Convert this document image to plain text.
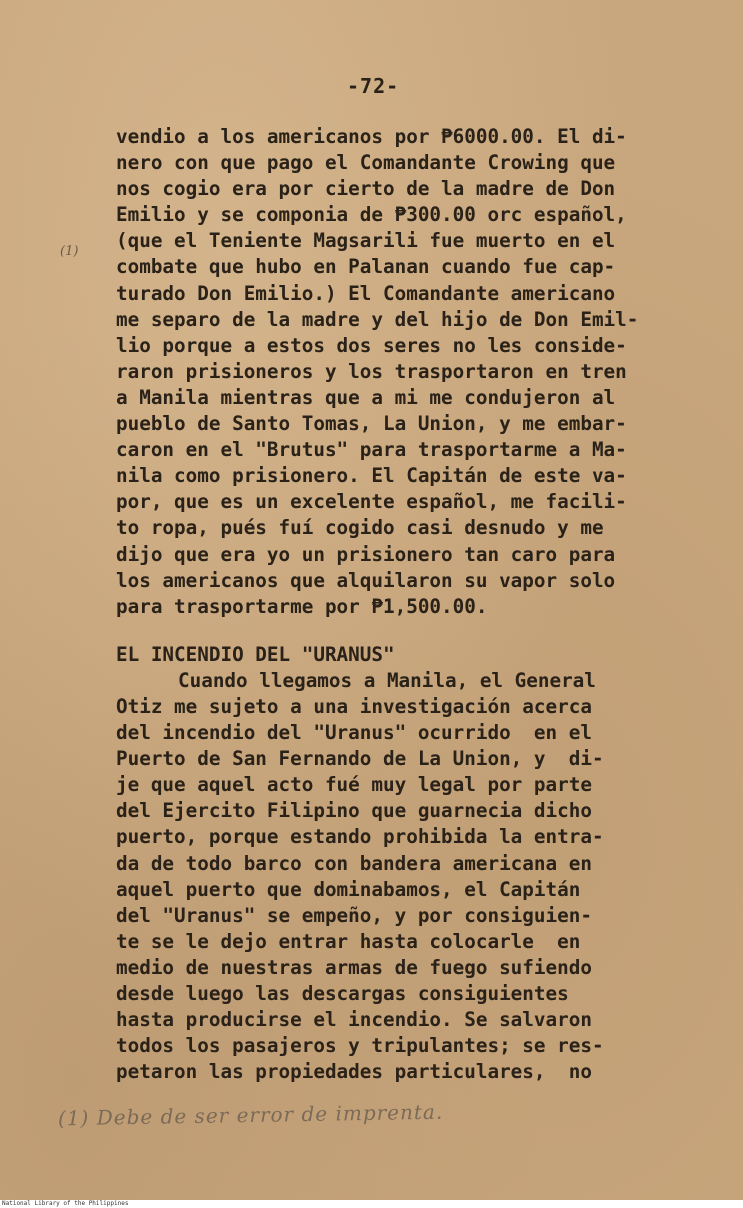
-72-
(1)
vendio a los americanos por ₱6000.00. El di-
nero con que pago el Comandante Crowing que
nos cogio era por cierto de la madre de Don
Emilio y se componia de ₱300.00 orc español,
(que el Teniente Magsarili fue muerto en el
combate que hubo en Palanan cuando fue cap-
turado Don Emilio.) El Comandante americano
me separo de la madre y del hijo de Don Emil-
lio porque a estos dos seres no les conside-
raron prisioneros y los trasportaron en tren
a Manila mientras que a mi me condujeron al
pueblo de Santo Tomas, La Union, y me embar-
caron en el "Brutus" para trasportarme a Ma-
nila como prisionero. El Capitán de este va-
por, que es un excelente español, me facili-
to ropa, pués fuí cogido casi desnudo y me
dijo que era yo un prisionero tan caro para
los americanos que alquilaron su vapor solo
para trasportarme por ₱1,500.00.
EL INCENDIO DEL "URANUS"
Cuando llegamos a Manila, el General
Otiz me sujeto a una investigación acerca
del incendio del "Uranus" ocurrido  en el
Puerto de San Fernando de La Union, y  di-
je que aquel acto fué muy legal por parte
del Ejercito Filipino que guarnecia dicho
puerto, porque estando prohibida la entra-
da de todo barco con bandera americana en
aquel puerto que dominabamos, el Capitán
del "Uranus" se empeño, y por consiguien-
te se le dejo entrar hasta colocarle  en
medio de nuestras armas de fuego sufiendo
desde luego las descargas consiguientes
hasta producirse el incendio. Se salvaron
todos los pasajeros y tripulantes; se res-
petaron las propiedades particulares,  no
(1) Debe de ser error de imprenta.
National Library of the Philippines
